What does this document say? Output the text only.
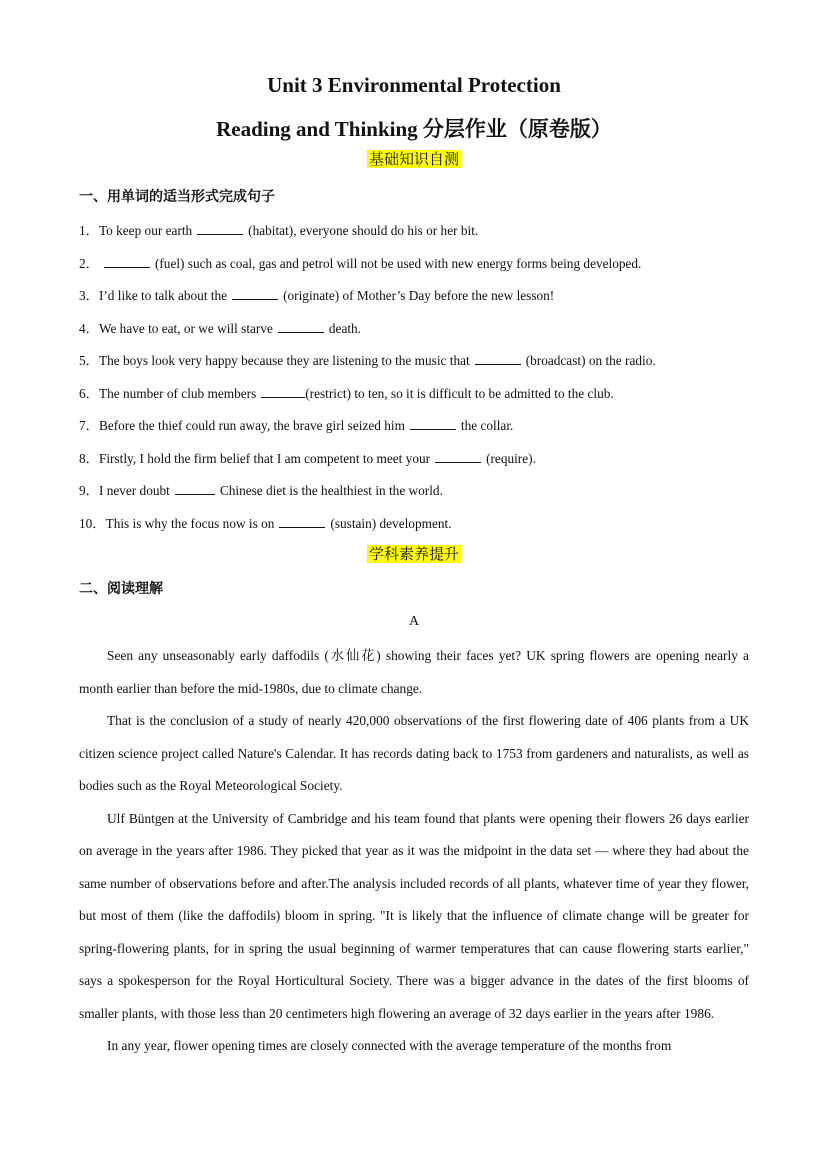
Unit 3 Environmental Protection
Reading and Thinking 分层作业（原卷版）
基础知识自测
一、用单词的适当形式完成句子
1．To keep our earth	(habitat), everyone should do his or her bit.
2．	(fuel) such as coal, gas and petrol will not be used with new energy forms being developed.
3．I’d like to talk about the	(originate) of Mother’s Day before the new lesson!
4．We have to eat, or we will starve	death.
5．The boys look very happy because they are listening to the music that	(broadcast) on the radio.
6．The number of club members	(restrict) to ten, so it is difficult to be admitted to the club.
7．Before the thief could run away, the brave girl seized him	the collar.
8．Firstly, I hold the firm belief that I am competent to meet your	(require).
9．I never doubt	Chinese diet is the healthiest in the world.
10．This is why the focus now is on	(sustain) development.
学科素养提升
二、阅读理解
A

Seen any unseasonably early daffodils (水仙花) showing their faces yet? UK spring flowers are opening nearly a month earlier than before the mid-1980s, due to climate change.

That is the conclusion of a study of nearly 420,000 observations of the first flowering date of 406 plants from a UK citizen science project called Nature's Calendar. It has records dating back to 1753 from gardeners and naturalists, as well as bodies such as the Royal Meteorological Society.

Ulf Büntgen at the University of Cambridge and his team found that plants were opening their flowers 26 days earlier on average in the years after 1986. They picked that year as it was the midpoint in the data set — where they had about the same number of observations before and after.The analysis included records of all plants, whatever time of year they flower, but most of them (like the daffodils) bloom in spring. "It is likely that the influence of climate change will be greater for spring-flowering plants, for in spring the usual beginning of warmer temperatures that can cause flowering starts earlier," says a spokesperson for the Royal Horticultural Society. There was a bigger advance in the dates of the first blooms of smaller plants, with those less than 20 centimeters high flowering an average of 32 days earlier in the years after 1986.

In any year, flower opening times are closely connected with the average temperature of the months from
